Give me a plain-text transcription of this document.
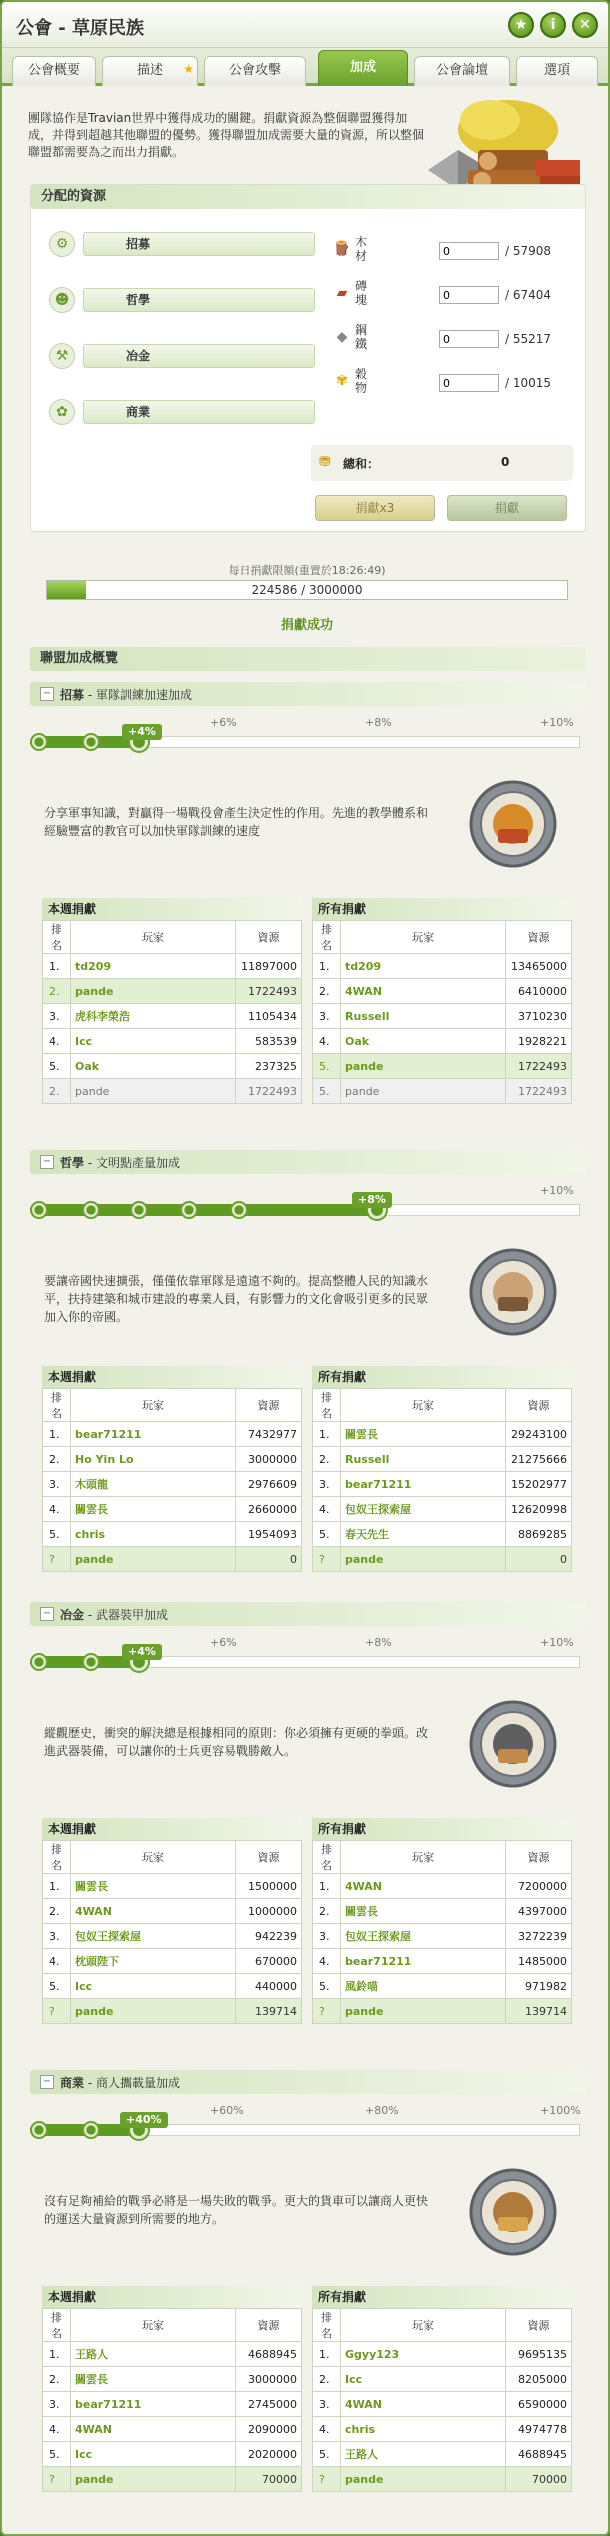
公會 - 草原民族	★	i	✕
公會概要	描述 ★	公會攻擊	加成	公會論壇	選項
團隊協作是Travian世界中獲得成功的關鍵。捐獻資源為整個聯盟獲得加成，并得到超越其他聯盟的優勢。獲得聯盟加成需要大量的資源，所以整個聯盟都需要為之而出力捐獻。
分配的資源
⚙	招募
☻	哲學
⚒	冶金
✿	商業
🪵 木材
0	/ 57908
▰ 磚塊
0	/ 67404
◆ 鋼鐵
0	/ 55217
✾ 穀物
0	/ 10015
⛃ 總和：	0
捐獻x3	捐獻
每日捐獻限額(重置於18:26:49)
224586 / 3000000
捐獻成功
聯盟加成概覽
− 招募 - 軍隊訓練加速加成
+4%
+6%	+8%	+10%
分享軍事知識，對贏得一場戰役會產生決定性的作用。先進的教學體系和經驗豐富的教官可以加快軍隊訓練的速度
本週捐獻
排名	玩家	資源
1.	td209	11897000
2.	pande	1722493
3.	虎科李榮浩	1105434
4.	Icc	583539
5.	Oak	237325
2.	pande	1722493
所有捐獻
排名	玩家	資源
1.	td209	13465000
2.	4WAN	6410000
3.	Russell	3710230
4.	Oak	1928221
5.	pande	1722493
5.	pande	1722493
− 哲學 - 文明點產量加成
+8%
+10%
要讓帝國快速擴張，僅僅依靠軍隊是遠遠不夠的。提高整體人民的知識水平，扶持建築和城市建設的專業人員，有影響力的文化會吸引更多的民眾加入你的帝國。
本週捐獻
排名	玩家	資源
1.	bear71211	7432977
2.	Ho Yin Lo	3000000
3.	木頭龍	2976609
4.	關雲長	2660000
5.	chris	1954093
?	pande	0
所有捐獻
排名	玩家	資源
1.	關雲長	29243100
2.	Russell	21275666
3.	bear71211	15202977
4.	包奴王探索屋	12620998
5.	春天先生	8869285
?	pande	0
− 冶金 - 武器裝甲加成
+4%
+6%	+8%	+10%
縱觀歷史，衝突的解決總是根據相同的原則：你必須擁有更硬的拳頭。改進武器裝備，可以讓你的士兵更容易戰勝敵人。
本週捐獻
排名	玩家	資源
1.	關雲長	1500000
2.	4WAN	1000000
3.	包奴王探索屋	942239
4.	枕頭陛下	670000
5.	Icc	440000
?	pande	139714
所有捐獻
排名	玩家	資源
1.	4WAN	7200000
2.	關雲長	4397000
3.	包奴王探索屋	3272239
4.	bear71211	1485000
5.	風鈴喵	971982
?	pande	139714
− 商業 - 商人攜載量加成
+40%
+60%	+80%	+100%
沒有足夠補給的戰爭必將是一場失敗的戰爭。更大的貨車可以讓商人更快的運送大量資源到所需要的地方。
本週捐獻
排名	玩家	資源
1.	王路人	4688945
2.	關雲長	3000000
3.	bear71211	2745000
4.	4WAN	2090000
5.	Icc	2020000
?	pande	70000
所有捐獻
排名	玩家	資源
1.	Ggyy123	9695135
2.	Icc	8205000
3.	4WAN	6590000
4.	chris	4974778
5.	王路人	4688945
?	pande	70000
